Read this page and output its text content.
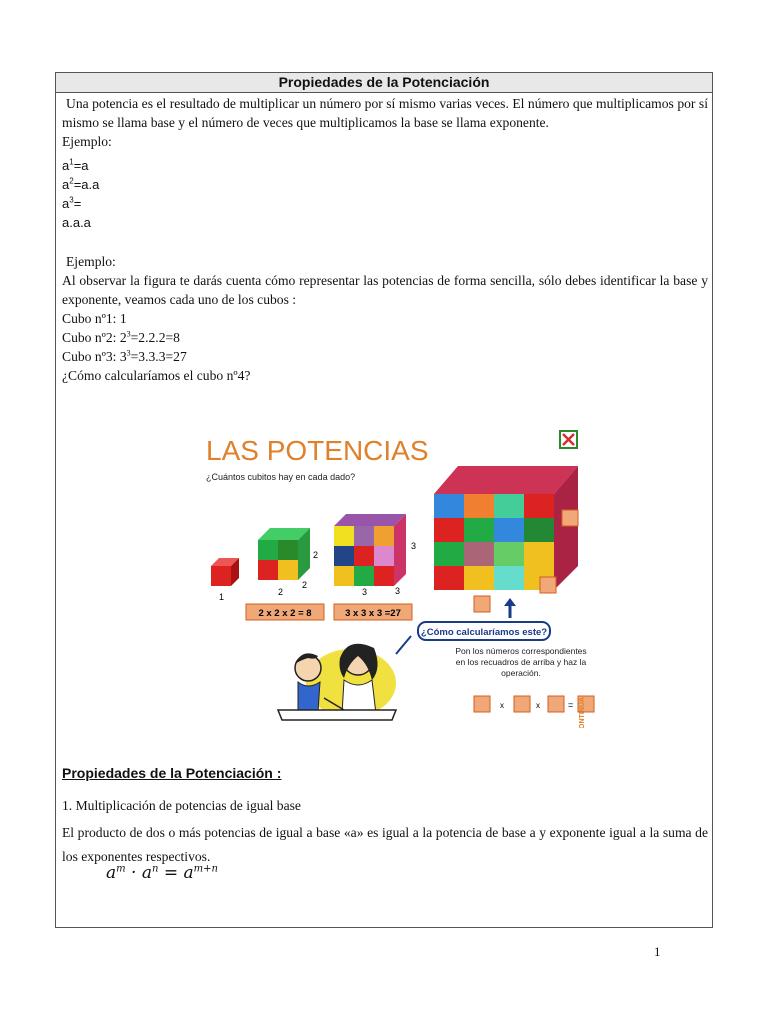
Propiedades de la Potenciación

Una potencia es el resultado de multiplicar un número por sí mismo varias veces. El número que multiplicamos por sí mismo se llama base y el número de veces que multiplicamos la base se llama exponente.

Ejemplo:

$a^1=a$

$a^2=a.a$

$a^3=$

a.a.a

Ejemplo:

Al observar la figura te darás cuenta cómo representar las potencias de forma sencilla, sólo debes identificar la base y exponente, veamos cada uno de los cubos :

Cubo nº1: 1

Cubo nº2: $2^3=2.2.2=8$

Cubo nº3: $3^3=3.3.3=27$

¿Cómo calcularíamos el cubo nº4?

LAS POTENCIAS
¿Cuántos cubitos hay en cada dado?
1
2
2
2
3
3
3
2 x 2 x 2 = 8	3 x 3 x 3 =27
¿Cómo calcularíamos este?
Pon los números correspondientes en los recuadros de arriba y haz la operación.
x	x	= CONTINÚA
Propiedades de la Potenciación :
1. Multiplicación de potencias de igual base
El producto de dos o más potencias de igual a base «a» es igual a la potencia de base a y exponente igual a la suma de los exponentes respectivos.
$a^m \cdot a^n = a^{m+n}$
1
